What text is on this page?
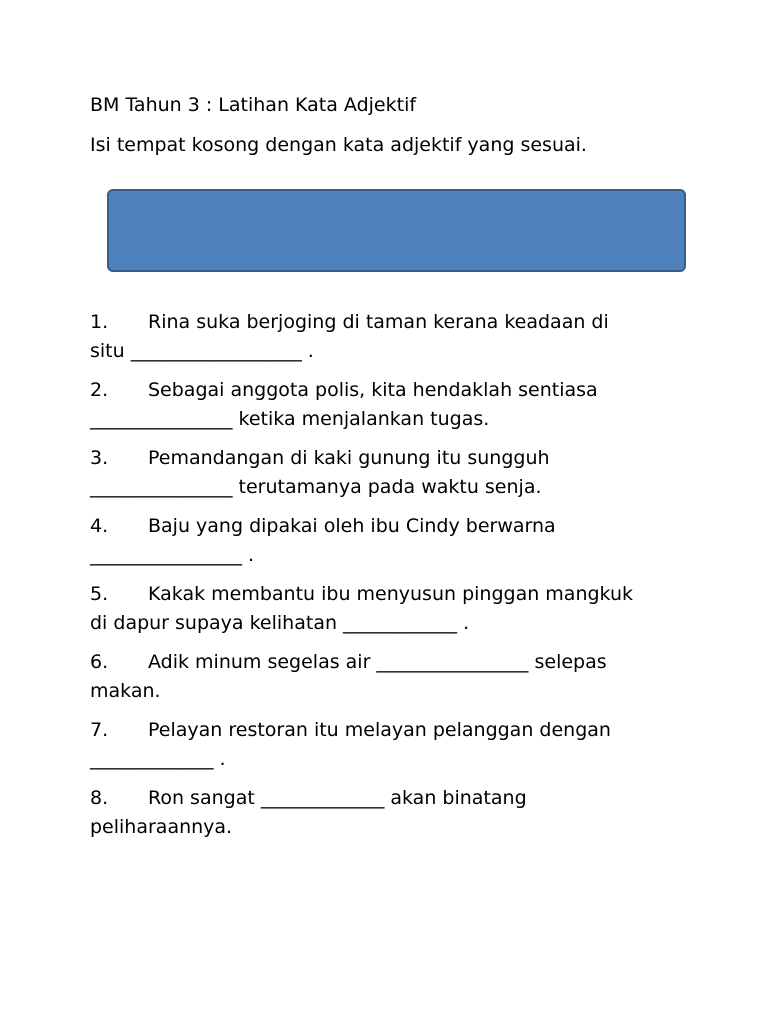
BM Tahun 3 : Latihan Kata Adjektif
Isi tempat kosong dengan kata adjektif yang sesuai.
1. Rina suka berjoging di taman kerana keadaan di
situ __________________ .
2. Sebagai anggota polis, kita hendaklah sentiasa
_______________ ketika menjalankan tugas.
3. Pemandangan di kaki gunung itu sungguh
_______________ terutamanya pada waktu senja.
4. Baju yang dipakai oleh ibu Cindy berwarna
________________ .
5. Kakak membantu ibu menyusun pinggan mangkuk
di dapur supaya kelihatan ____________ .
6. Adik minum segelas air ________________ selepas
makan.
7. Pelayan restoran itu melayan pelanggan dengan
_____________ .
8. Ron sangat _____________ akan binatang
peliharaannya.
